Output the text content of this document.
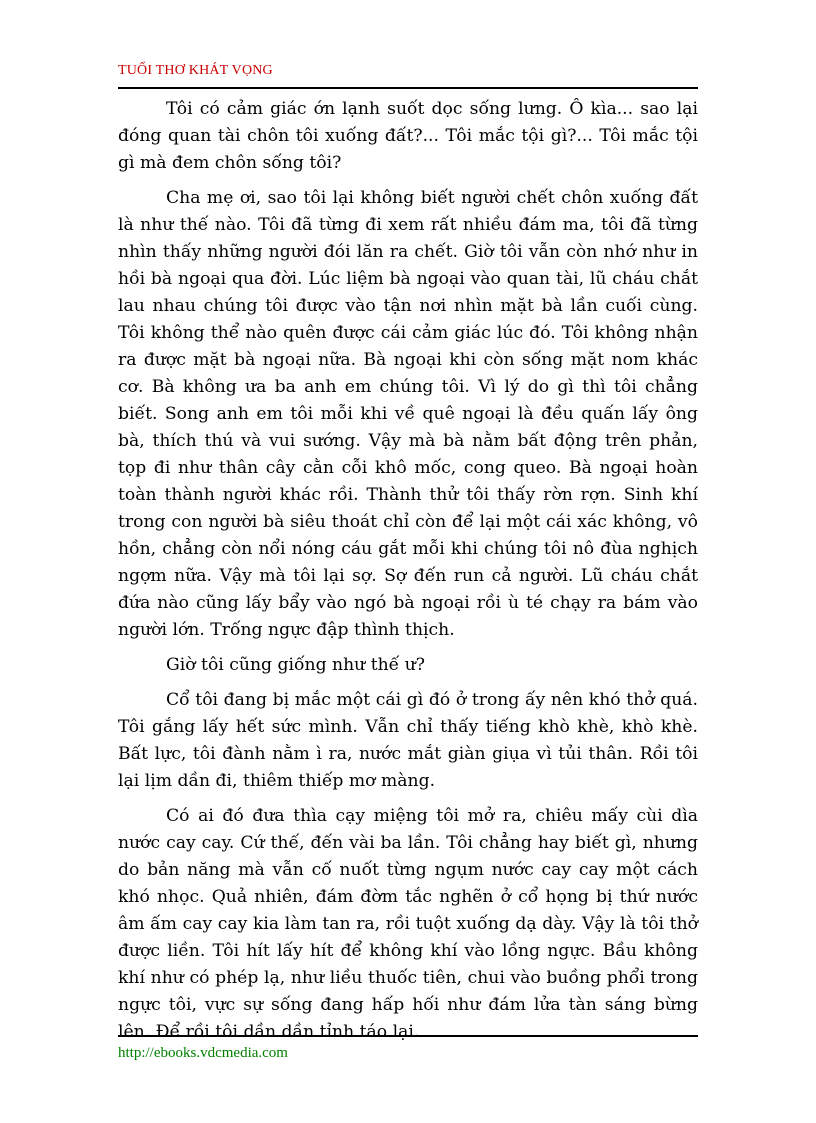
TUỔI THƠ KHÁT VỌNG

Tôi có cảm giác ớn lạnh suốt dọc sống lưng. Ô kìa... sao lại đóng quan tài chôn tôi xuống đất?... Tôi mắc tội gì?... Tôi mắc tội gì mà đem chôn sống tôi?

Cha mẹ ơi, sao tôi lại không biết người chết chôn xuống đất là như thế nào. Tôi đã từng đi xem rất nhiều đám ma, tôi đã từng nhìn thấy những người đói lăn ra chết. Giờ tôi vẫn còn nhớ như in hồi bà ngoại qua đời. Lúc liệm bà ngoại vào quan tài, lũ cháu chắt lau nhau chúng tôi được vào tận nơi nhìn mặt bà lần cuối cùng. Tôi không thể nào quên được cái cảm giác lúc đó. Tôi không nhận ra được mặt bà ngoại nữa. Bà ngoại khi còn sống mặt nom khác cơ. Bà không ưa ba anh em chúng tôi. Vì lý do gì thì tôi chẳng biết. Song anh em tôi mỗi khi về quê ngoại là đều quấn lấy ông bà, thích thú và vui sướng. Vậy mà bà nằm bất động trên phản, tọp đi như thân cây cằn cỗi khô mốc, cong queo. Bà ngoại hoàn toàn thành người khác rồi. Thành thử tôi thấy rờn rợn. Sinh khí trong con người bà siêu thoát chỉ còn để lại một cái xác không, vô hồn, chẳng còn nổi nóng cáu gắt mỗi khi chúng tôi nô đùa nghịch ngợm nữa. Vậy mà tôi lại sợ. Sợ đến run cả người. Lũ cháu chắt đứa nào cũng lấy bẩy vào ngó bà ngoại rồi ù té chạy ra bám vào người lớn. Trống ngực đập thình thịch.

Giờ tôi cũng giống như thế ư?

Cổ tôi đang bị mắc một cái gì đó ở trong ấy nên khó thở quá. Tôi gắng lấy hết sức mình. Vẫn chỉ thấy tiếng khò khè, khò khè. Bất lực, tôi đành nằm ì ra, nước mắt giàn giụa vì tủi thân. Rồi tôi lại lịm dần đi, thiêm thiếp mơ màng.

Có ai đó đưa thìa cạy miệng tôi mở ra, chiêu mấy cùi dìa nước cay cay. Cứ thế, đến vài ba lần. Tôi chẳng hay biết gì, nhưng do bản năng mà vẫn cố nuốt từng ngụm nước cay cay một cách khó nhọc. Quả nhiên, đám đờm tắc nghẽn ở cổ họng bị thứ nước âm ấm cay cay kia làm tan ra, rồi tuột xuống dạ dày. Vậy là tôi thở được liền. Tôi hít lấy hít để không khí vào lồng ngực. Bầu không khí như có phép lạ, như liều thuốc tiên, chui vào buồng phổi trong ngực tôi, vực sự sống đang hấp hối như đám lửa tàn sáng bừng lên. Để rồi tôi dần dần tỉnh táo lại.

http://ebooks.vdcmedia.com
